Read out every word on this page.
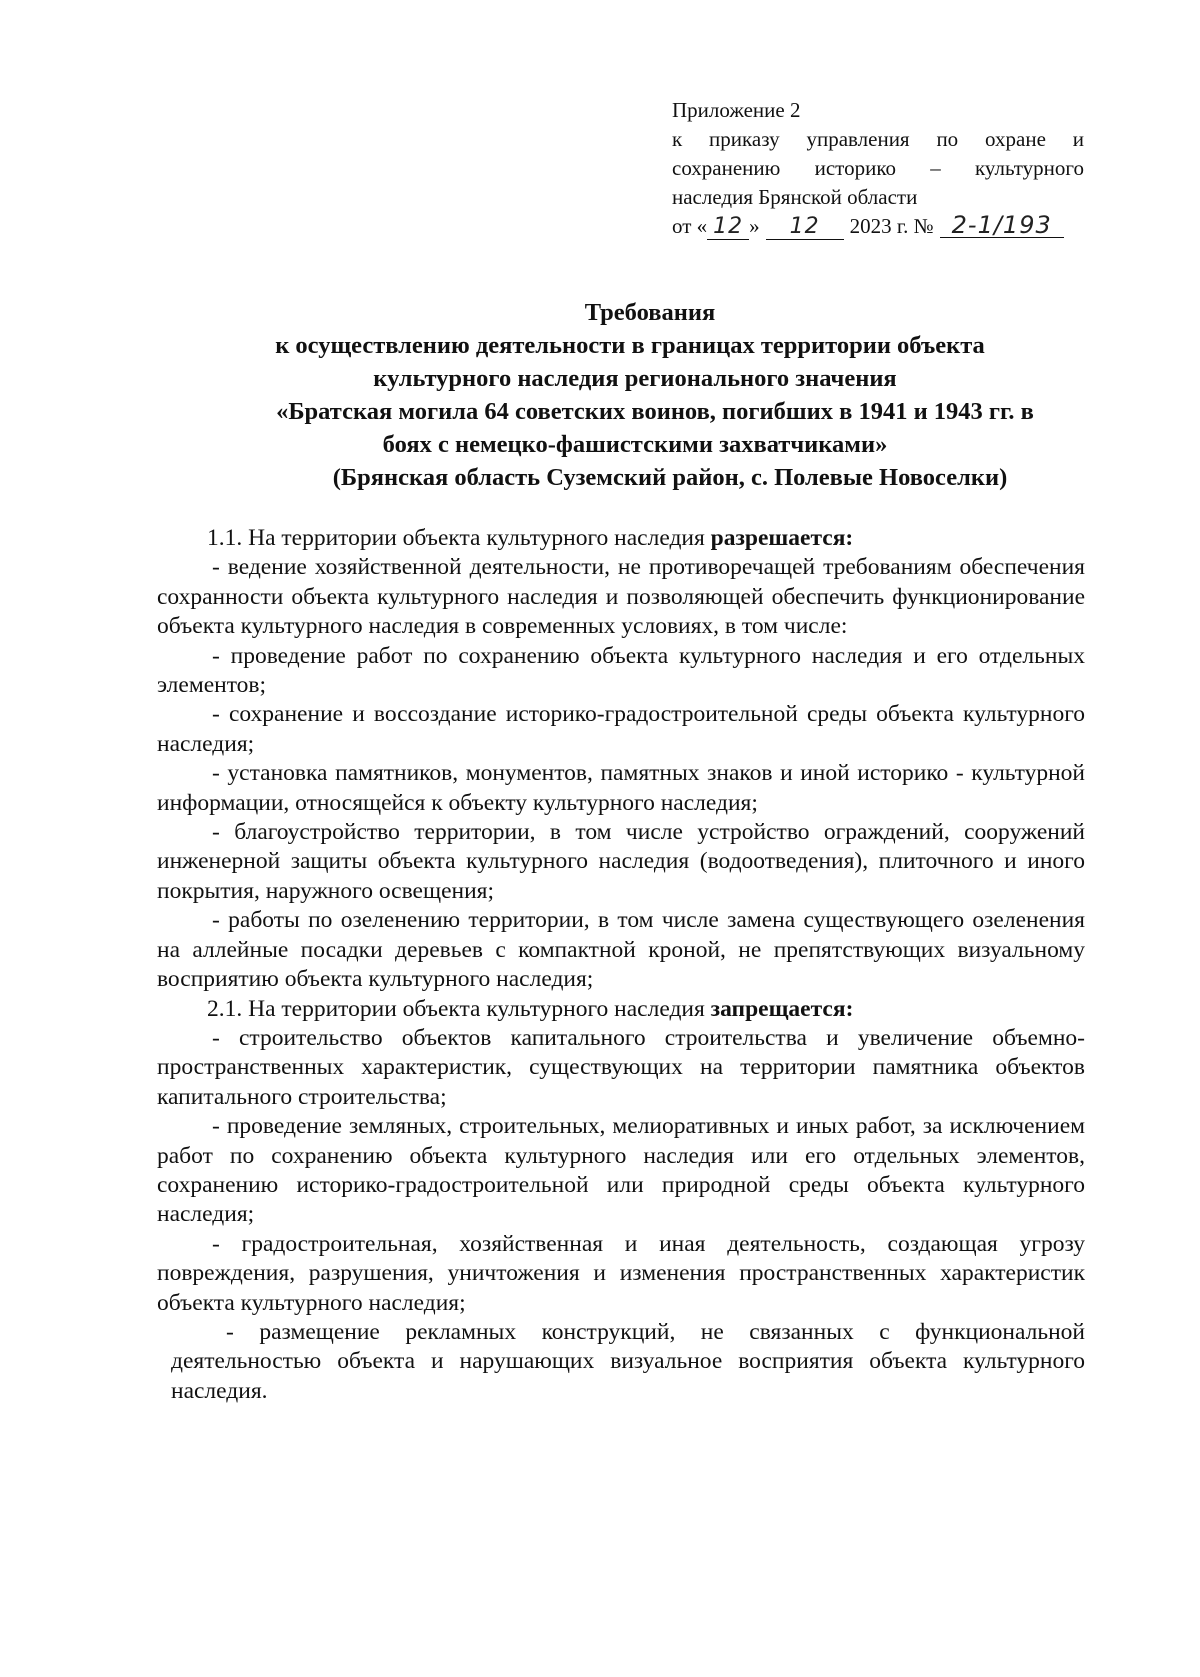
Приложение 2
к приказу управления по охране и
сохранению историко – культурного
наследия Брянской области
от « 12 »	12	2023 г. № 2-1/193
Требования
к осуществлению деятельности в границах территории объекта
культурного наследия регионального значения
«Братская могила 64 советских воинов, погибших в 1941 и 1943 гг. в
боях с немецко-фашистскими захватчиками»
(Брянская область Суземский район, с. Полевые Новоселки)

1.1. На территории объекта культурного наследия разрешается:

- ведение хозяйственной деятельности, не противоречащей требованиям обеспечения сохранности объекта культурного наследия и позволяющей обеспечить функционирование объекта культурного наследия в современных условиях, в том числе:

- проведение работ по сохранению объекта культурного наследия и его отдельных элементов;

- сохранение и воссоздание историко-градостроительной среды объекта культурного наследия;

- установка памятников, монументов, памятных знаков и иной историко - культурной информации, относящейся к объекту культурного наследия;

- благоустройство территории, в том числе устройство ограждений, сооружений инженерной защиты объекта культурного наследия (водоотведения), плиточного и иного покрытия, наружного освещения;

- работы по озеленению территории, в том числе замена существующего озеленения на аллейные посадки деревьев с компактной кроной, не препятствующих визуальному восприятию объекта культурного наследия;

2.1. На территории объекта культурного наследия запрещается:

- строительство объектов капитального строительства и увеличение объемно-пространственных характеристик, существующих на территории памятника объектов капитального строительства;

- проведение земляных, строительных, мелиоративных и иных работ, за исключением работ по сохранению объекта культурного наследия или его отдельных элементов, сохранению историко-градостроительной или природной среды объекта культурного наследия;

- градостроительная, хозяйственная и иная деятельность, создающая угрозу повреждения, разрушения, уничтожения и изменения пространственных характеристик объекта культурного наследия;

- размещение рекламных конструкций, не связанных с функциональной деятельностью объекта и нарушающих визуальное восприятия объекта культурного наследия.
